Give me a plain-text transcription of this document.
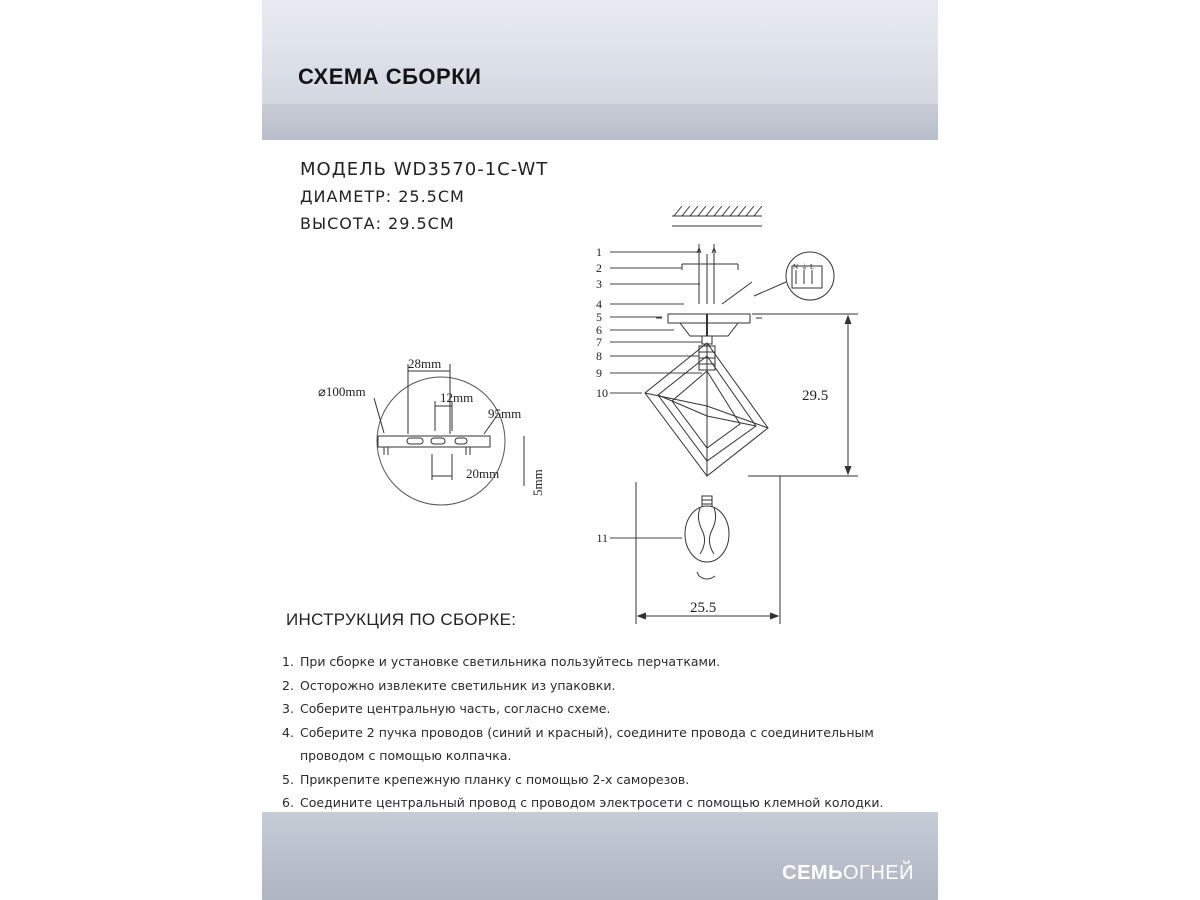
СХЕМА СБОРКИ
МОДЕЛЬ WD3570-1C-WT
ДИАМЕТР: 25.5СМ
ВЫСОТА: 29.5СМ
28mm
⌀100mm	12mm
95mm
20mm 5mm
1
2
3
4
5
6
7
8
9
10
11
N ⏚ L
29.5
25.5
ИНСТРУКЦИЯ ПО СБОРКЕ:
1. При сборке и установке светильника пользуйтесь перчатками.
2. Осторожно извлеките светильник из упаковки.
3. Соберите центральную часть, согласно схеме.
4. Соберите 2 пучка проводов (синий и красный), соедините провода с соединительным
проводом с помощью колпачка.
5. Прикрепите крепежную планку с помощью 2-х саморезов.
6. Соедините центральный провод с проводом электросети с помощью клемной колодки.
СЕМЬОГНЕЙ
